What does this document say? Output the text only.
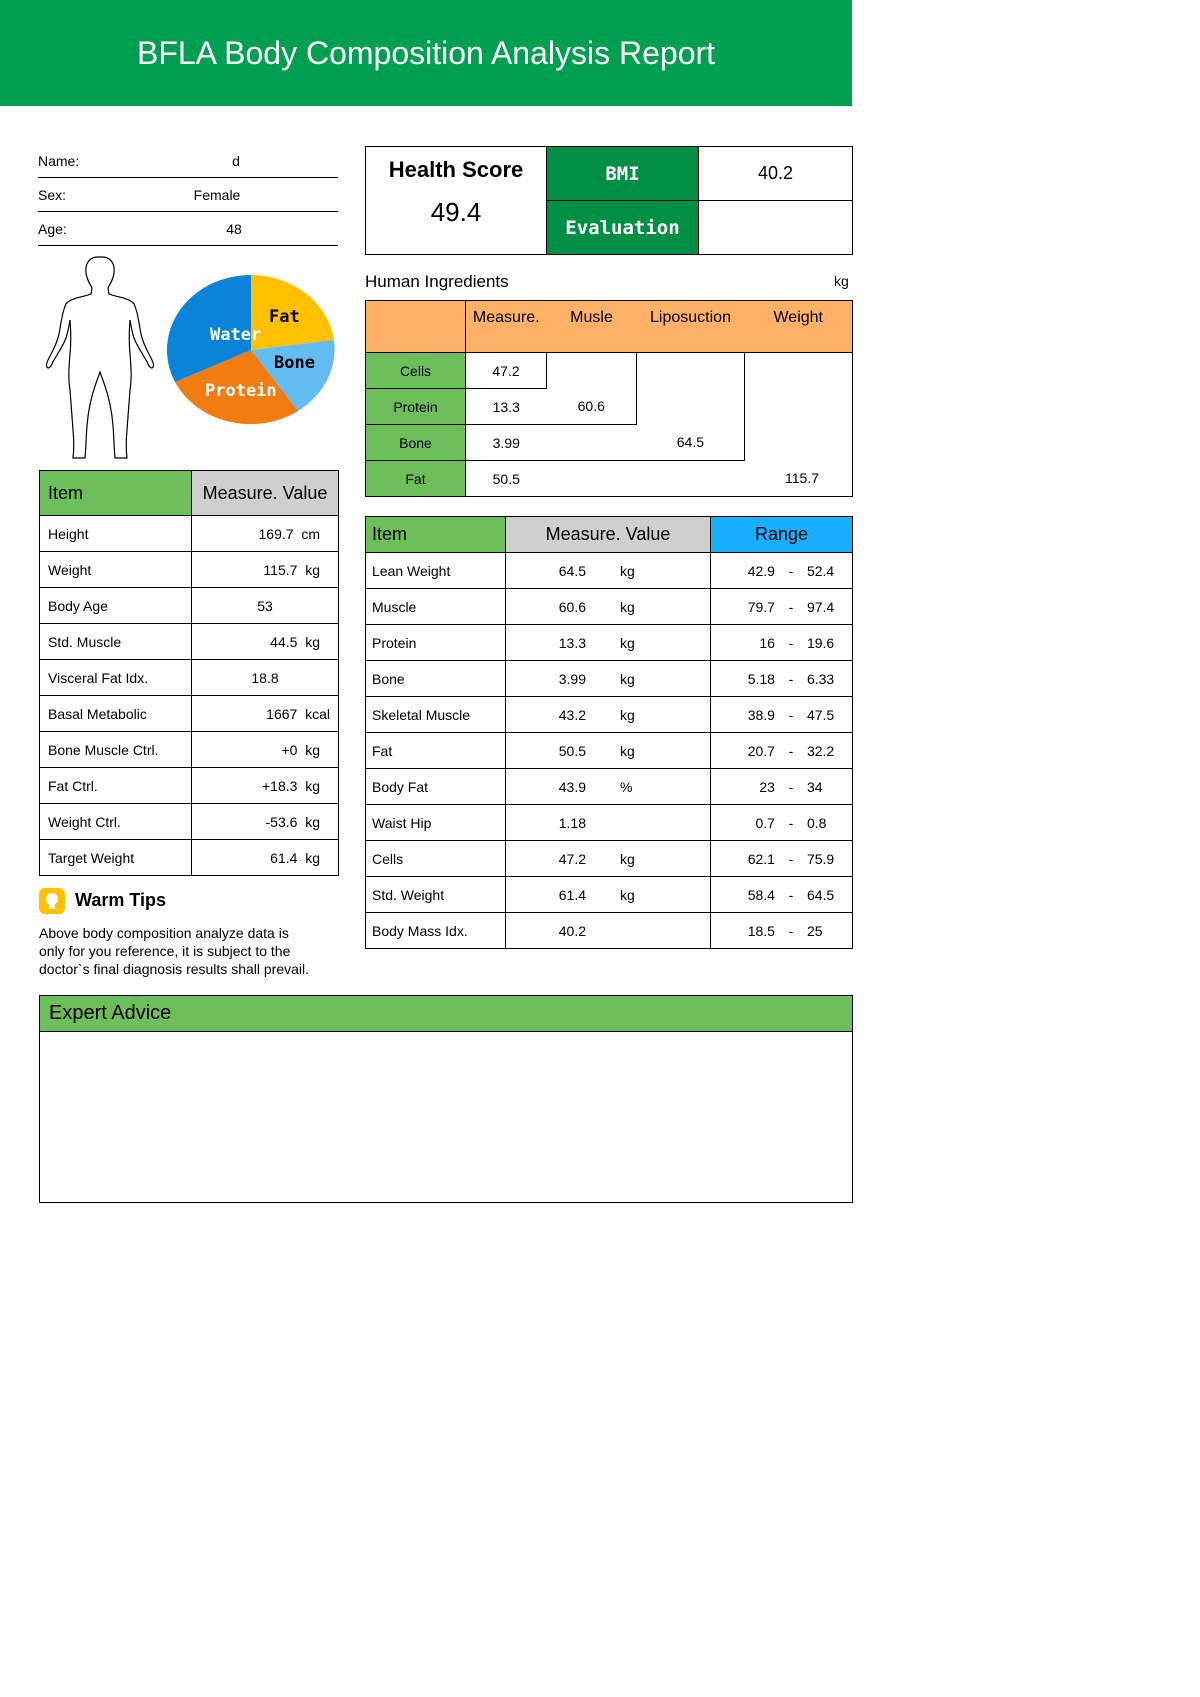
BFLA Body Composition Analysis Report
Name:	d
Sex:	Female
Age:	48
Water
Fat
Bone
Protein
Health Score
49.4	BMI	40.2
	Evaluation	
Human Ingredients	kg
	Measure.	Musle	Liposuction	Weight
Cells	47.2			
Protein	13.3	60.6		
Bone	3.99		64.5	
Fat	50.5			115.7
Item	Measure. Value
Height	169.7 cm
Weight	115.7 kg
Body Age	53
Std. Muscle	44.5 kg
Visceral Fat Idx.	18.8
Basal Metabolic	1667 kcal
Bone Muscle Ctrl.	+0 kg
Fat Ctrl.	+18.3 kg
Weight Ctrl.	-53.6 kg
Target Weight	61.4 kg
Item	Measure. Value		Range		
Lean Weight	64.5	kg	42.9	-	52.4
Muscle	60.6	kg	79.7	-	97.4
Protein	13.3	kg	16	-	19.6
Bone	3.99	kg	5.18	-	6.33
Skeletal Muscle	43.2	kg	38.9	-	47.5
Fat	50.5	kg	20.7	-	32.2
Body Fat	43.9	%	23	-	34
Waist Hip	1.18		0.7	-	0.8
Cells	47.2	kg	62.1	-	75.9
Std. Weight	61.4	kg	58.4	-	64.5
Body Mass Idx.	40.2		18.5	-	25
Warm Tips
Above body composition analyze data is
only for you reference, it is subject to the
doctor`s final diagnosis results shall prevail.
Expert Advice
